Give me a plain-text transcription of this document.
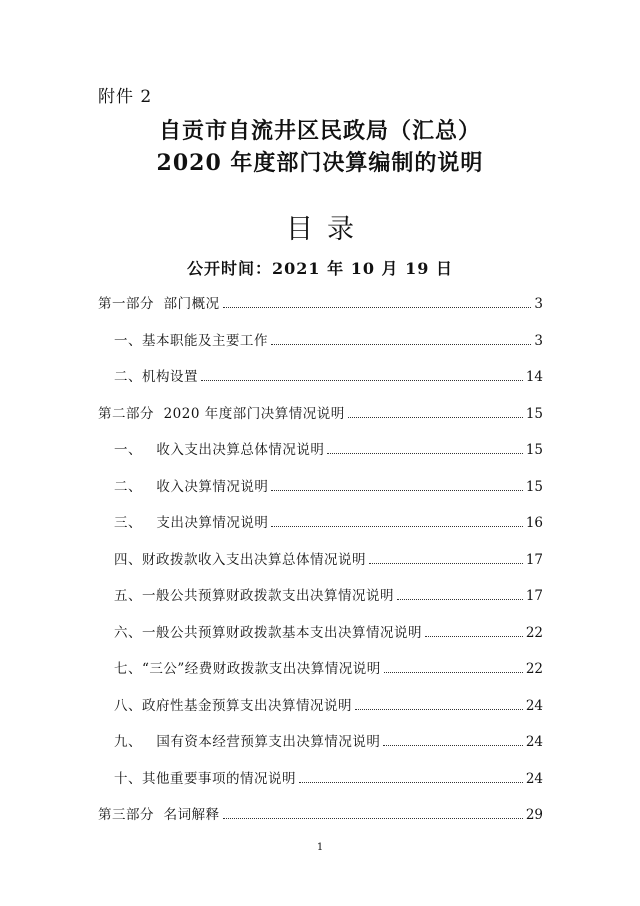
附件 2
自贡市自流井区民政局（汇总）
2020 年度部门决算编制的说明
目录
公开时间：2021 年 10 月 19 日
第一部分  部门概况	3
一、基本职能及主要工作	3
二、机构设置	14
第二部分  2020 年度部门决算情况说明	15
一、   收入支出决算总体情况说明	15
二、   收入决算情况说明	15
三、   支出决算情况说明	16
四、财政拨款收入支出决算总体情况说明	17
五、一般公共预算财政拨款支出决算情况说明	17
六、一般公共预算财政拨款基本支出决算情况说明	22
七、“三公”经费财政拨款支出决算情况说明	22
八、政府性基金预算支出决算情况说明	24
九、   国有资本经营预算支出决算情况说明	24
十、其他重要事项的情况说明	24
第三部分  名词解释	29
1
